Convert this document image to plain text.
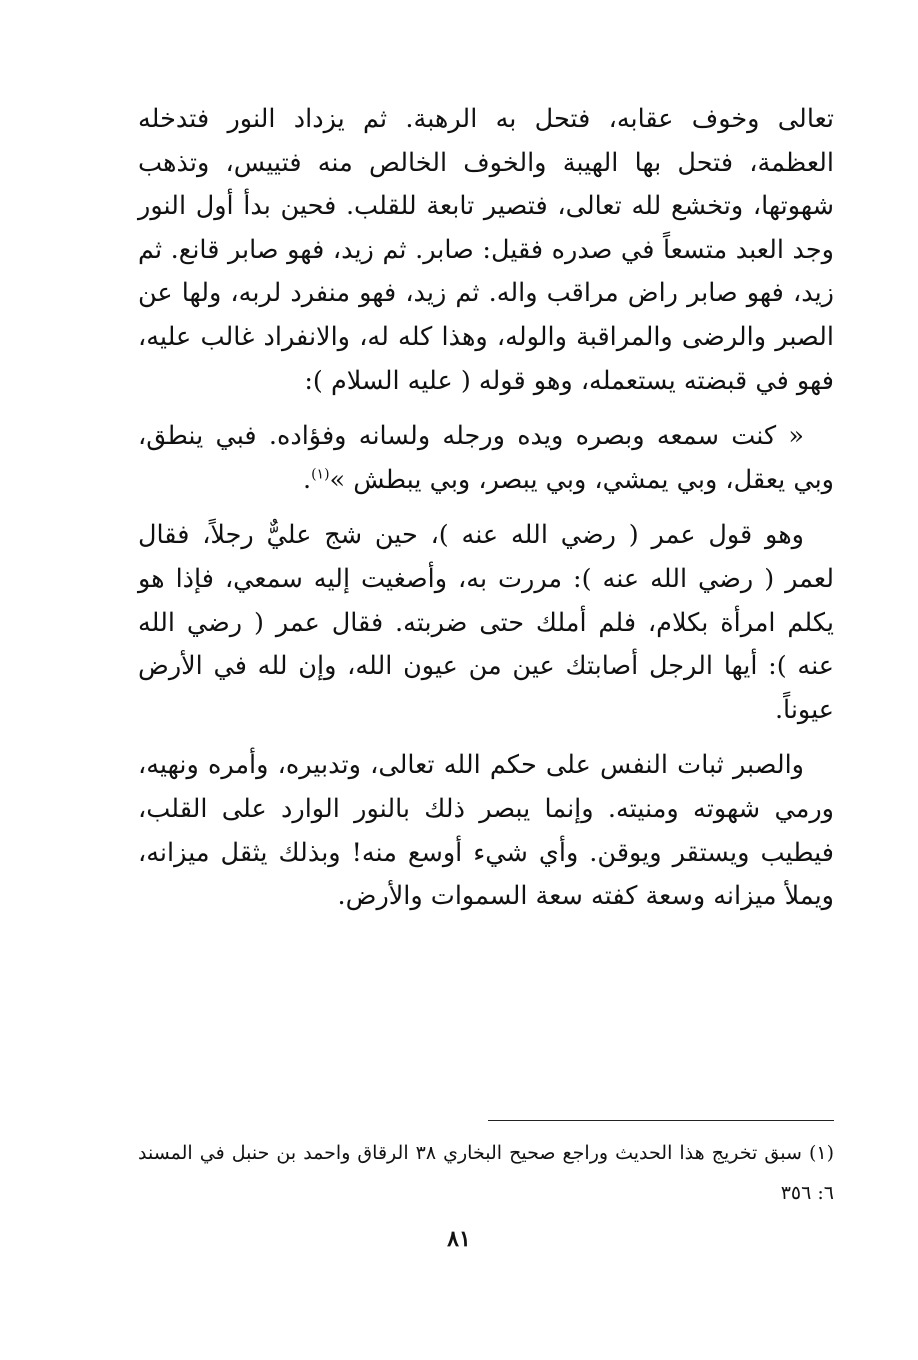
تعالى وخوف عقابه، فتحل به الرهبة. ثم يزداد النور فتدخله العظمة، فتحل بها الهيبة والخوف الخالص منه فتييس، وتذهب شهوتها، وتخشع لله تعالى، فتصير تابعة للقلب. فحين بدأ أول النور وجد العبد متسعاً في صدره فقيل: صابر. ثم زيد، فهو صابر قانع. ثم زيد، فهو صابر راض مراقب واله. ثم زيد، فهو منفرد لربه، ولها عن الصبر والرضى والمراقبة والوله، وهذا كله له، والانفراد غالب عليه، فهو في قبضته يستعمله، وهو قوله ( عليه السلام ):

« كنت سمعه وبصره ويده ورجله ولسانه وفؤاده. فبي ينطق، وبي يعقل، وبي يمشي، وبي يبصر، وبي يبطش »$^{(١)}$.

وهو قول عمر ( رضي الله عنه )، حين شج عليٌّ رجلاً، فقال لعمر ( رضي الله عنه ): مررت به، وأصغيت إليه سمعي، فإذا هو يكلم امرأة بكلام، فلم أملك حتى ضربته. فقال عمر ( رضي الله عنه ): أيها الرجل أصابتك عين من عيون الله، وإن لله في الأرض عيوناً.

والصبر ثبات النفس على حكم الله تعالى، وتدبيره، وأمره ونهيه، ورمي شهوته ومنيته. وإنما يبصر ذلك بالنور الوارد على القلب، فيطيب ويستقر ويوقن. وأي شيء أوسع منه! وبذلك يثقل ميزانه، ويملأ ميزانه وسعة كفته سعة السموات والأرض.

(١) سبق تخريج هذا الحديث وراجع صحيح البخاري ٣٨ الرقاق واحمد بن حنبل في المسند ٦: ٣٥٦
٨١
